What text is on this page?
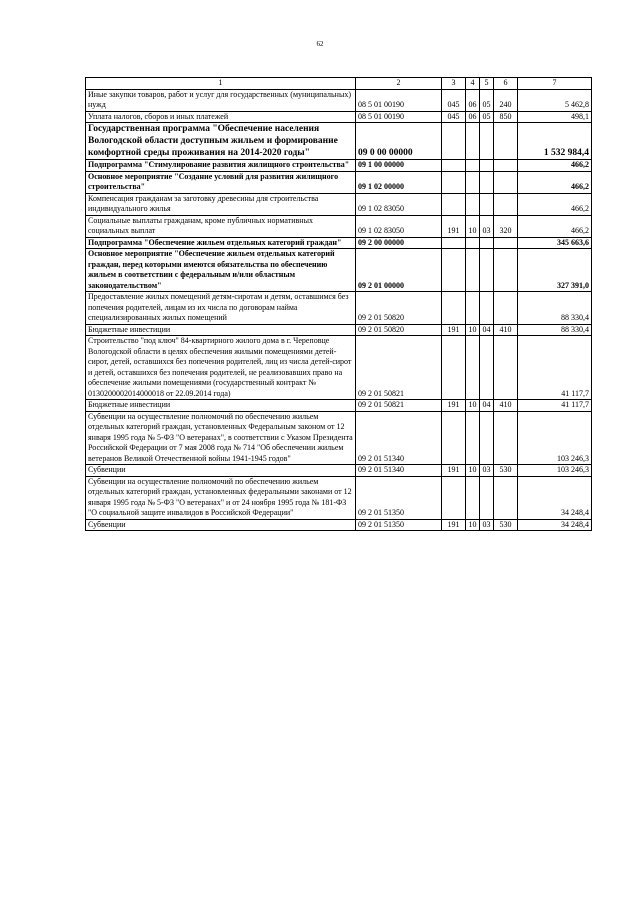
62
1	2	3	4	5	6	7
Иные закупки товаров, работ и услуг для государственных (муниципальных) нужд	08 5 01 00190	045	06	05	240	5 462,8
Уплата налогов, сборов и иных платежей	08 5 01 00190	045	06	05	850	498,1
Государственная программа "Обеспечение населения Вологодской области доступным жильем и формирование комфортной среды проживания на 2014-2020 годы"	09 0 00 00000					1 532 984,4
Подпрограмма "Стимулирование развития жилищного строительства"	09 1 00 00000					466,2
Основное мероприятие "Создание условий для развития жилищного строительства"	09 1 02 00000					466,2
Компенсация гражданам за заготовку древесины для строительства индивидуального жилья	09 1 02 83050					466,2
Социальные выплаты гражданам, кроме публичных нормативных социальных выплат	09 1 02 83050	191	10	03	320	466,2
Подпрограмма "Обеспечение жильем отдельных категорий граждан"	09 2 00 00000					345 663,6
Основное мероприятие "Обеспечение жильем отдельных категорий граждан, перед которыми имеются обязательства по обеспечению жильем в соответствии с федеральным и/или областным законодательством"	09 2 01 00000					327 391,0
Предоставление жилых помещений детям-сиротам и детям, оставшимся без попечения родителей, лицам из их числа по договорам найма специализированных жилых помещений	09 2 01 50820					88 330,4
Бюджетные инвестиции	09 2 01 50820	191	10	04	410	88 330,4
Строительство "под ключ" 84-квартирного жилого дома в г. Череповце Вологодской области в целях обеспечения жилыми помещениями детей-сирот, детей, оставшихся без попечения родителей, лиц из числа детей-сирот и детей, оставшихся без попечения родителей, не реализовавших право на обеспечение жилыми помещениями (государственный контракт № 0130200002014000018 от 22.09.2014 года)	09 2 01 50821					41 117,7
Бюджетные инвестиции	09 2 01 50821	191	10	04	410	41 117,7
Субвенции на осуществление полномочий по обеспечению жильем отдельных категорий граждан, установленных Федеральным законом от 12 января 1995 года № 5-ФЗ "О ветеранах", в соответствии с Указом Президента Российской Федерации от 7 мая 2008 года № 714 "Об обеспечении жильем ветеранов Великой Отечественной войны 1941-1945 годов"	09 2 01 51340					103 246,3
Субвенции	09 2 01 51340	191	10	03	530	103 246,3
Субвенции на осуществление полномочий по обеспечению жильем отдельных категорий граждан, установленных федеральными законами от 12 января 1995 года № 5-ФЗ "О ветеранах" и от 24 ноября 1995 года № 181-ФЗ "О социальной защите инвалидов в Российской Федерации"	09 2 01 51350					34 248,4
Субвенции	09 2 01 51350	191	10	03	530	34 248,4
